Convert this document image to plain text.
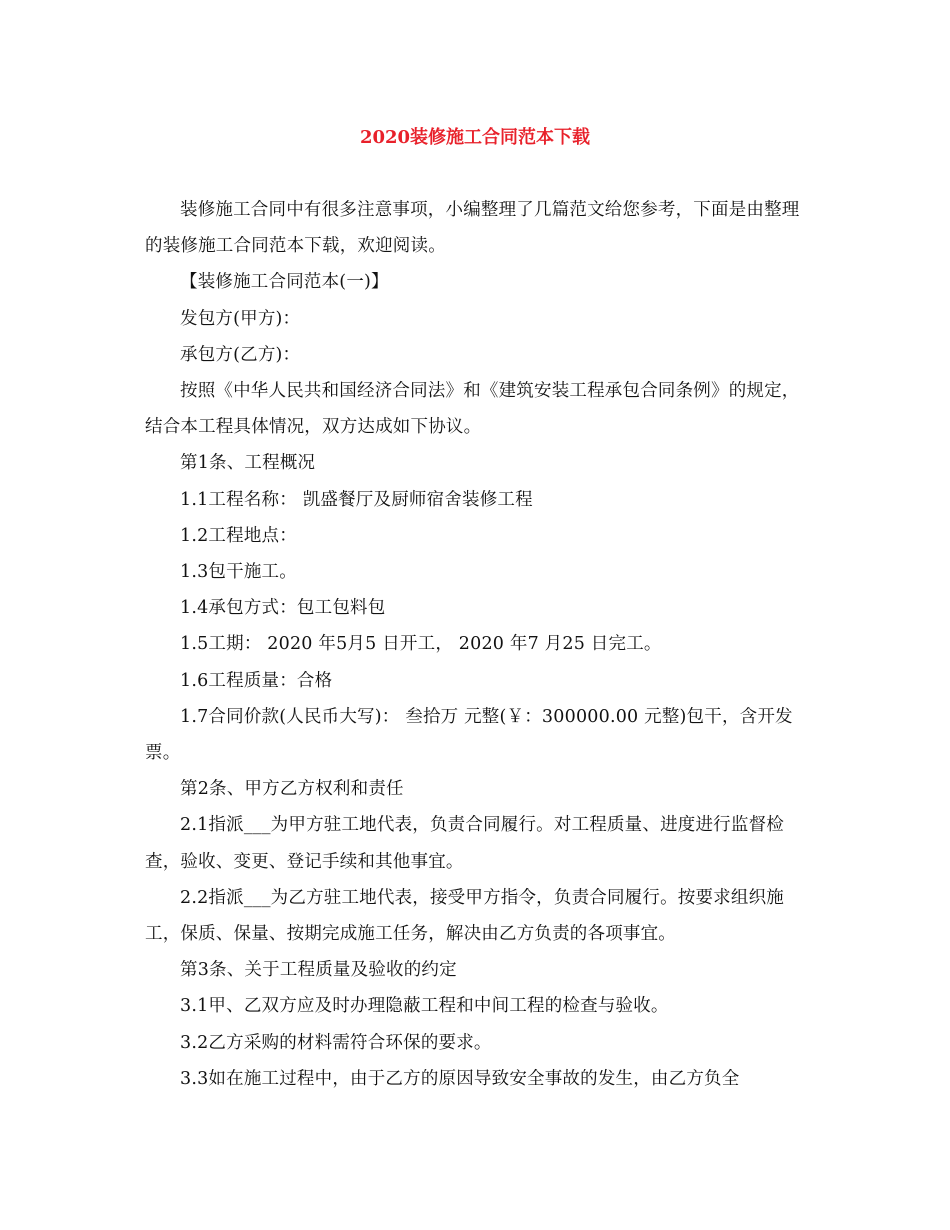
2020装修施工合同范本下载

装修施工合同中有很多注意事项，小编整理了几篇范文给您参考，下面是由整理的装修施工合同范本下载，欢迎阅读。

【装修施工合同范本(一)】

发包方(甲方)：

承包方(乙方)：

按照《中华人民共和国经济合同法》和《建筑安装工程承包合同条例》的规定，结合本工程具体情况，双方达成如下协议。

第1条、工程概况

1.1工程名称： 凯盛餐厅及厨师宿舍装修工程

1.2工程地点：

1.3包干施工。

1.4承包方式：包工包料包

1.5工期： 2020 年5月5 日开工， 2020 年7 月25 日完工。

1.6工程质量：合格

1.7合同价款(人民币大写)： 叁拾万 元整(￥：300000.00 元整)包干，含开发票。

第2条、甲方乙方权利和责任

2.1指派___为甲方驻工地代表，负责合同履行。对工程质量、进度进行监督检查，验收、变更、登记手续和其他事宜。

2.2指派___为乙方驻工地代表，接受甲方指令，负责合同履行。按要求组织施工，保质、保量、按期完成施工任务，解决由乙方负责的各项事宜。

第3条、关于工程质量及验收的约定

3.1甲、乙双方应及时办理隐蔽工程和中间工程的检查与验收。

3.2乙方采购的材料需符合环保的要求。

3.3如在施工过程中，由于乙方的原因导致安全事故的发生，由乙方负全
